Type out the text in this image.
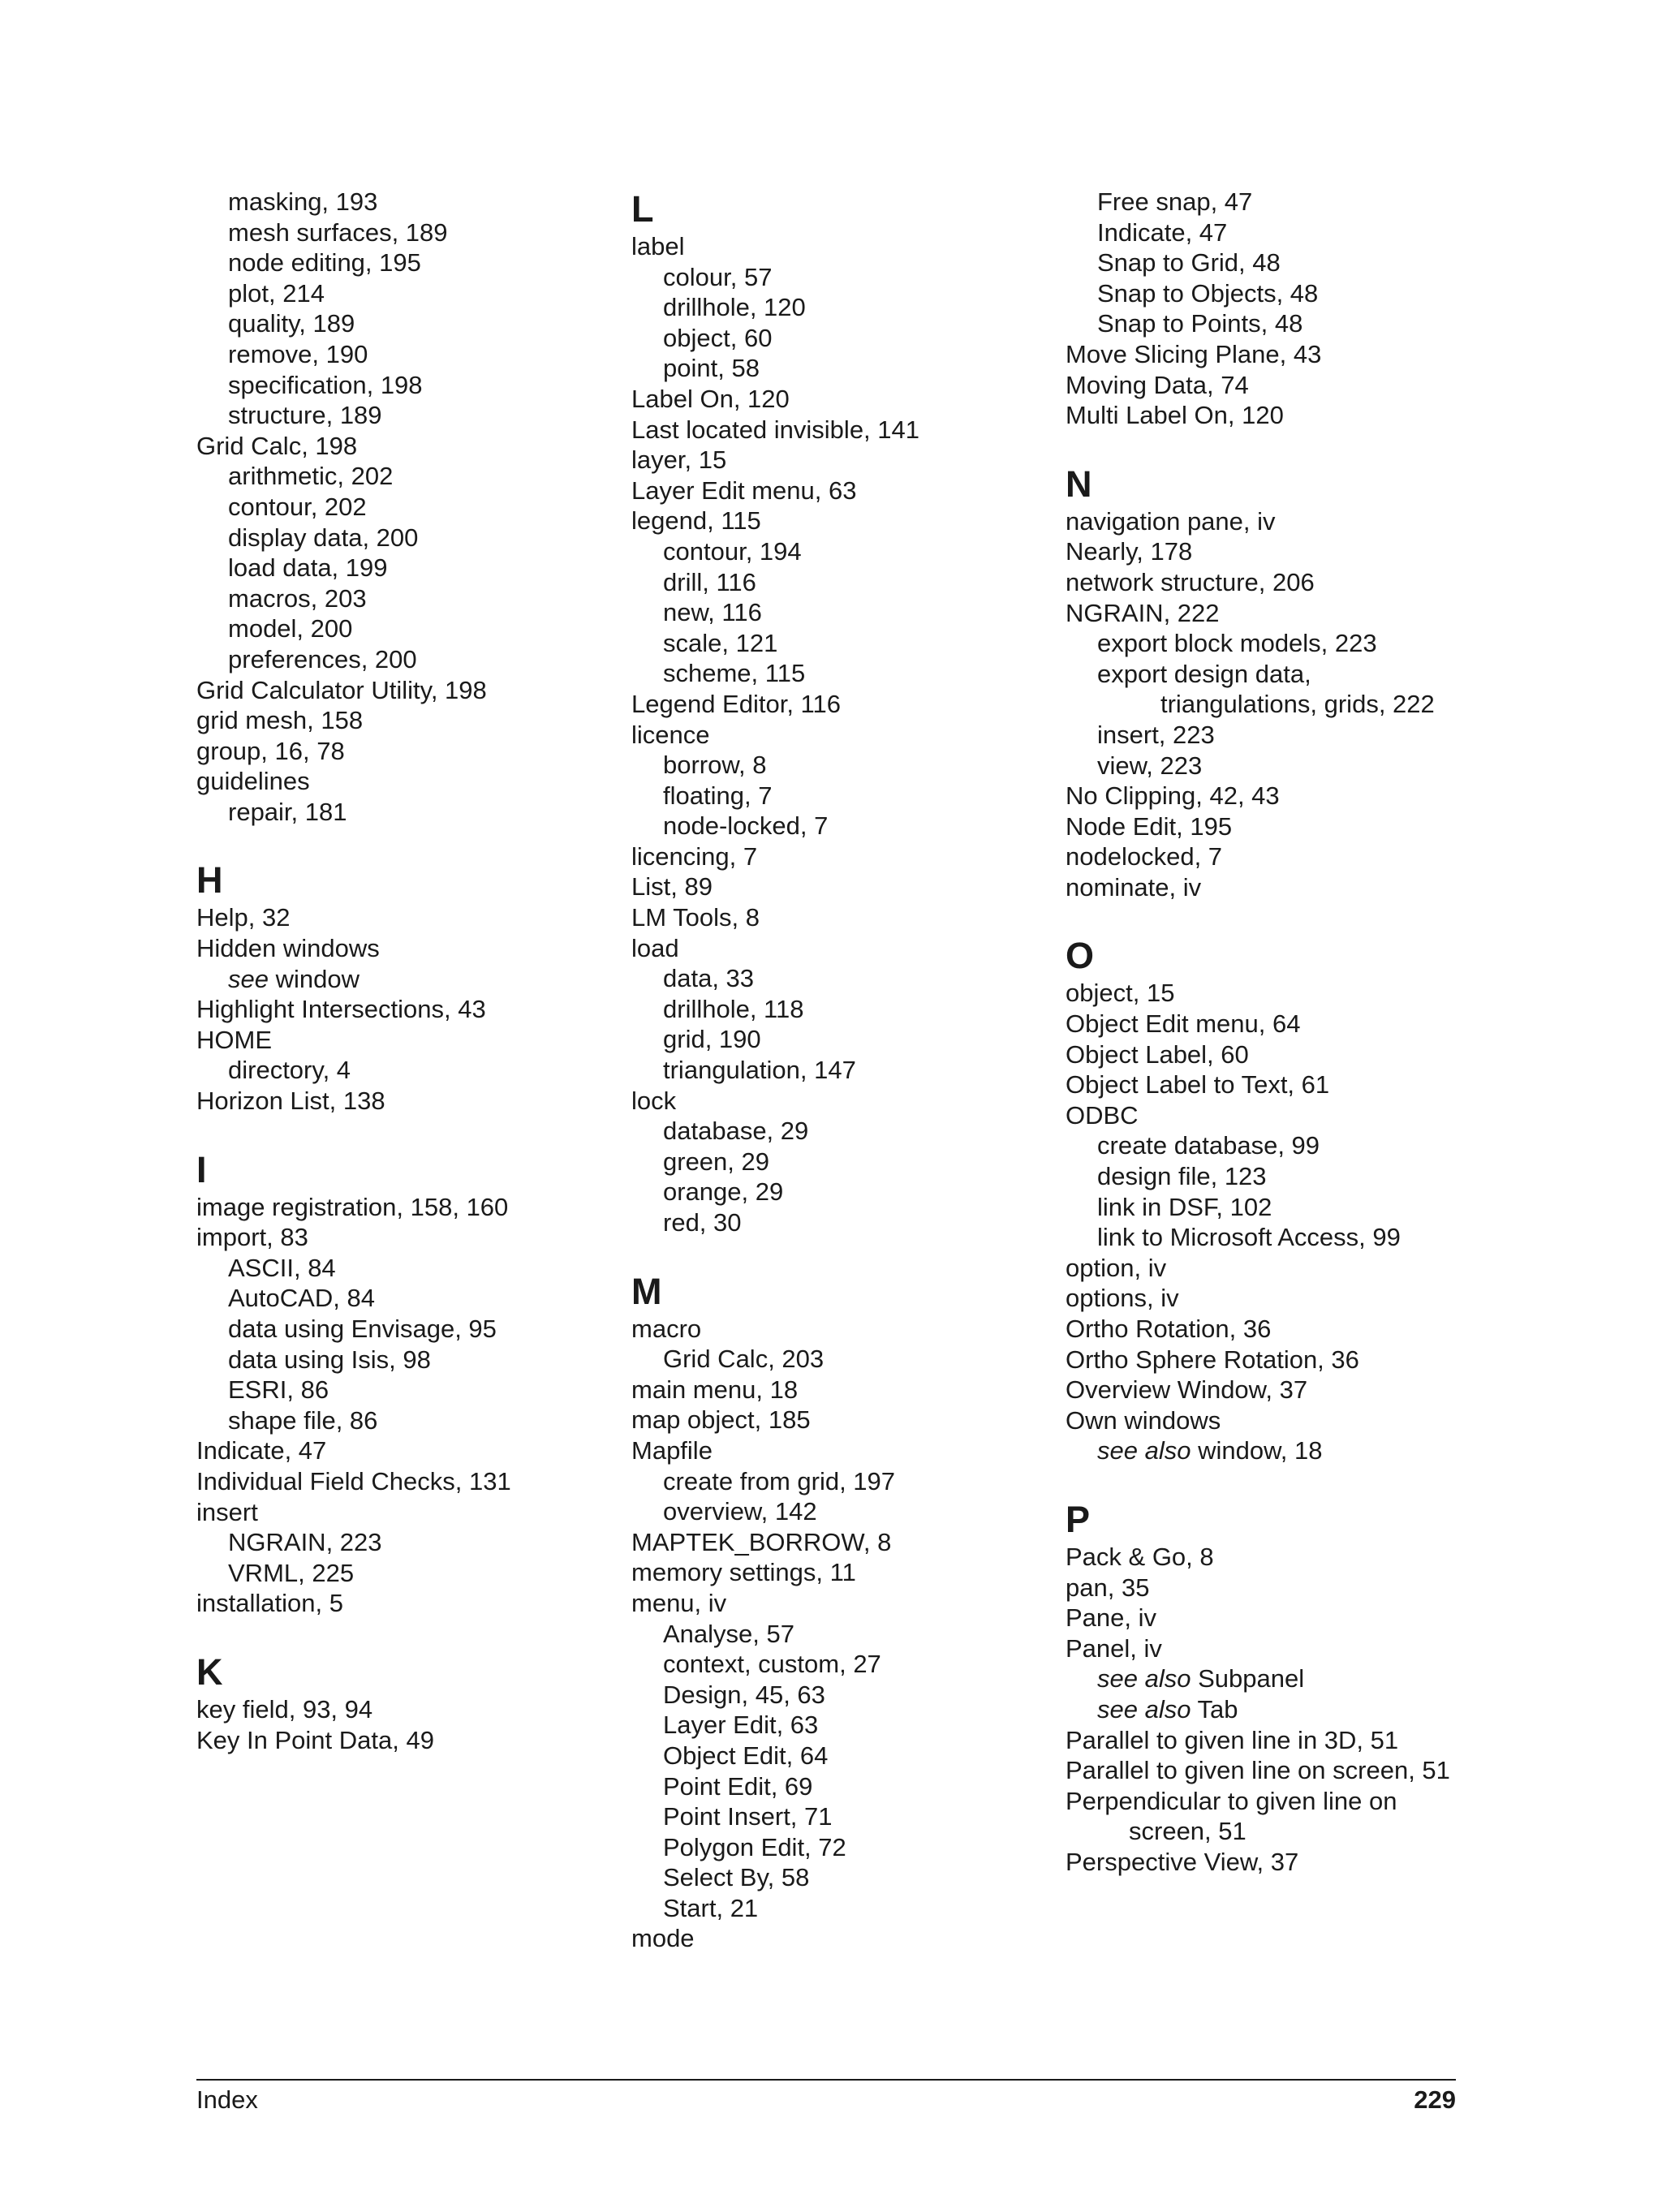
masking, 193
mesh surfaces, 189
node editing, 195
plot, 214
quality, 189
remove, 190
specification, 198
structure, 189
Grid Calc, 198
arithmetic, 202
contour, 202
display data, 200
load data, 199
macros, 203
model, 200
preferences, 200
Grid Calculator Utility, 198
grid mesh, 158
group, 16, 78
guidelines
repair, 181
H
Help, 32
Hidden windows
see window
Highlight Intersections, 43
HOME
directory, 4
Horizon List, 138
I
image registration, 158, 160
import, 83
ASCII, 84
AutoCAD, 84
data using Envisage, 95
data using Isis, 98
ESRI, 86
shape file, 86
Indicate, 47
Individual Field Checks, 131
insert
NGRAIN, 223
VRML, 225
installation, 5
K
key field, 93, 94
Key In Point Data, 49
L
label
colour, 57
drillhole, 120
object, 60
point, 58
Label On, 120
Last located invisible, 141
layer, 15
Layer Edit menu, 63
legend, 115
contour, 194
drill, 116
new, 116
scale, 121
scheme, 115
Legend Editor, 116
licence
borrow, 8
floating, 7
node-locked, 7
licencing, 7
List, 89
LM Tools, 8
load
data, 33
drillhole, 118
grid, 190
triangulation, 147
lock
database, 29
green, 29
orange, 29
red, 30
M
macro
Grid Calc, 203
main menu, 18
map object, 185
Mapfile
create from grid, 197
overview, 142
MAPTEK_BORROW, 8
memory settings, 11
menu, iv
Analyse, 57
context, custom, 27
Design, 45, 63
Layer Edit, 63
Object Edit, 64
Point Edit, 69
Point Insert, 71
Polygon Edit, 72
Select By, 58
Start, 21
mode
Free snap, 47
Indicate, 47
Snap to Grid, 48
Snap to Objects, 48
Snap to Points, 48
Move Slicing Plane, 43
Moving Data, 74
Multi Label On, 120
N
navigation pane, iv
Nearly, 178
network structure, 206
NGRAIN, 222
export block models, 223
export design data,
triangulations, grids, 222
insert, 223
view, 223
No Clipping, 42, 43
Node Edit, 195
nodelocked, 7
nominate, iv
O
object, 15
Object Edit menu, 64
Object Label, 60
Object Label to Text, 61
ODBC
create database, 99
design file, 123
link in DSF, 102
link to Microsoft Access, 99
option, iv
options, iv
Ortho Rotation, 36
Ortho Sphere Rotation, 36
Overview Window, 37
Own windows
see also window, 18
P
Pack & Go, 8
pan, 35
Pane, iv
Panel, iv
see also Subpanel
see also Tab
Parallel to given line in 3D, 51
Parallel to given line on screen, 51
Perpendicular to given line on
screen, 51
Perspective View, 37
Index	229
